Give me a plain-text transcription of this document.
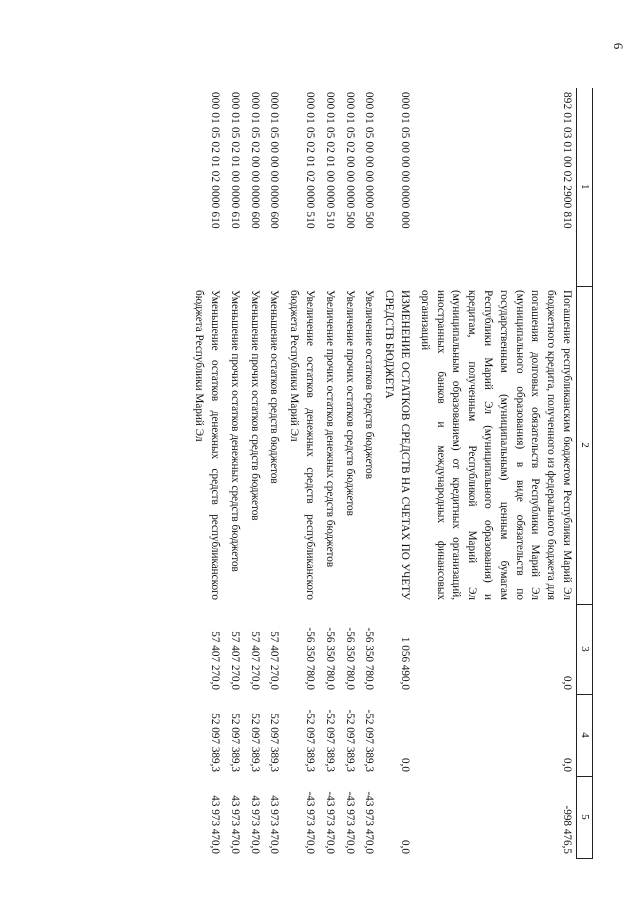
6
1	2	3	4	5
892 01 03 01 00 02 2900 810	Погашение республиканским бюджетом Республики Марий Эл бюджетного кредита, полученного из федерального бюджета для погашения долговых обязательств Республики Марий Эл (муниципального образования) в виде обязательств по государственным (муниципальным) ценным бумагам Республики Марий Эл (муниципального образования) и кредитам, полученным Республикой Марий Эл (муниципальным образованием) от кредитных организаций, иностранных банков и международных финансовых организаций	0,0	0,0	-998 476,5
000 01 05 00 00 00 0000 000	ИЗМЕНЕНИЕ ОСТАТКОВ СРЕДСТВ НА СЧЕТАХ ПО УЧЕТУ СРЕДСТВ БЮДЖЕТА	1 056 490,0	0,0	0,0
000 01 05 00 00 00 0000 500	Увеличение остатков средств бюджетов	-56 350 780,0	-52 097 389,3	-43 973 470,0
000 01 05 02 00 00 0000 500	Увеличение прочих остатков средств бюджетов	-56 350 780,0	-52 097 389,3	-43 973 470,0
000 01 05 02 01 00 0000 510	Увеличение прочих остатков денежных средств бюджетов	-56 350 780,0	-52 097 389,3	-43 973 470,0
000 01 05 02 01 02 0000 510	Увеличение остатков денежных средств республиканского бюджета Республики Марий Эл	-56 350 780,0	-52 097 389,3	-43 973 470,0
000 01 05 00 00 00 0000 600	Уменьшение остатков средств бюджетов	57 407 270,0	52 097 389,3	43 973 470,0
000 01 05 02 00 00 0000 600	Уменьшение прочих остатков средств бюджетов	57 407 270,0	52 097 389,3	43 973 470,0
000 01 05 02 01 00 0000 610	Уменьшение прочих остатков денежных средств бюджетов	57 407 270,0	52 097 389,3	43 973 470,0
000 01 05 02 01 02 0000 610	Уменьшение остатков денежных средств республиканского бюджета Республики Марий Эл	57 407 270,0	52 097 389,3	43 973 470,0
